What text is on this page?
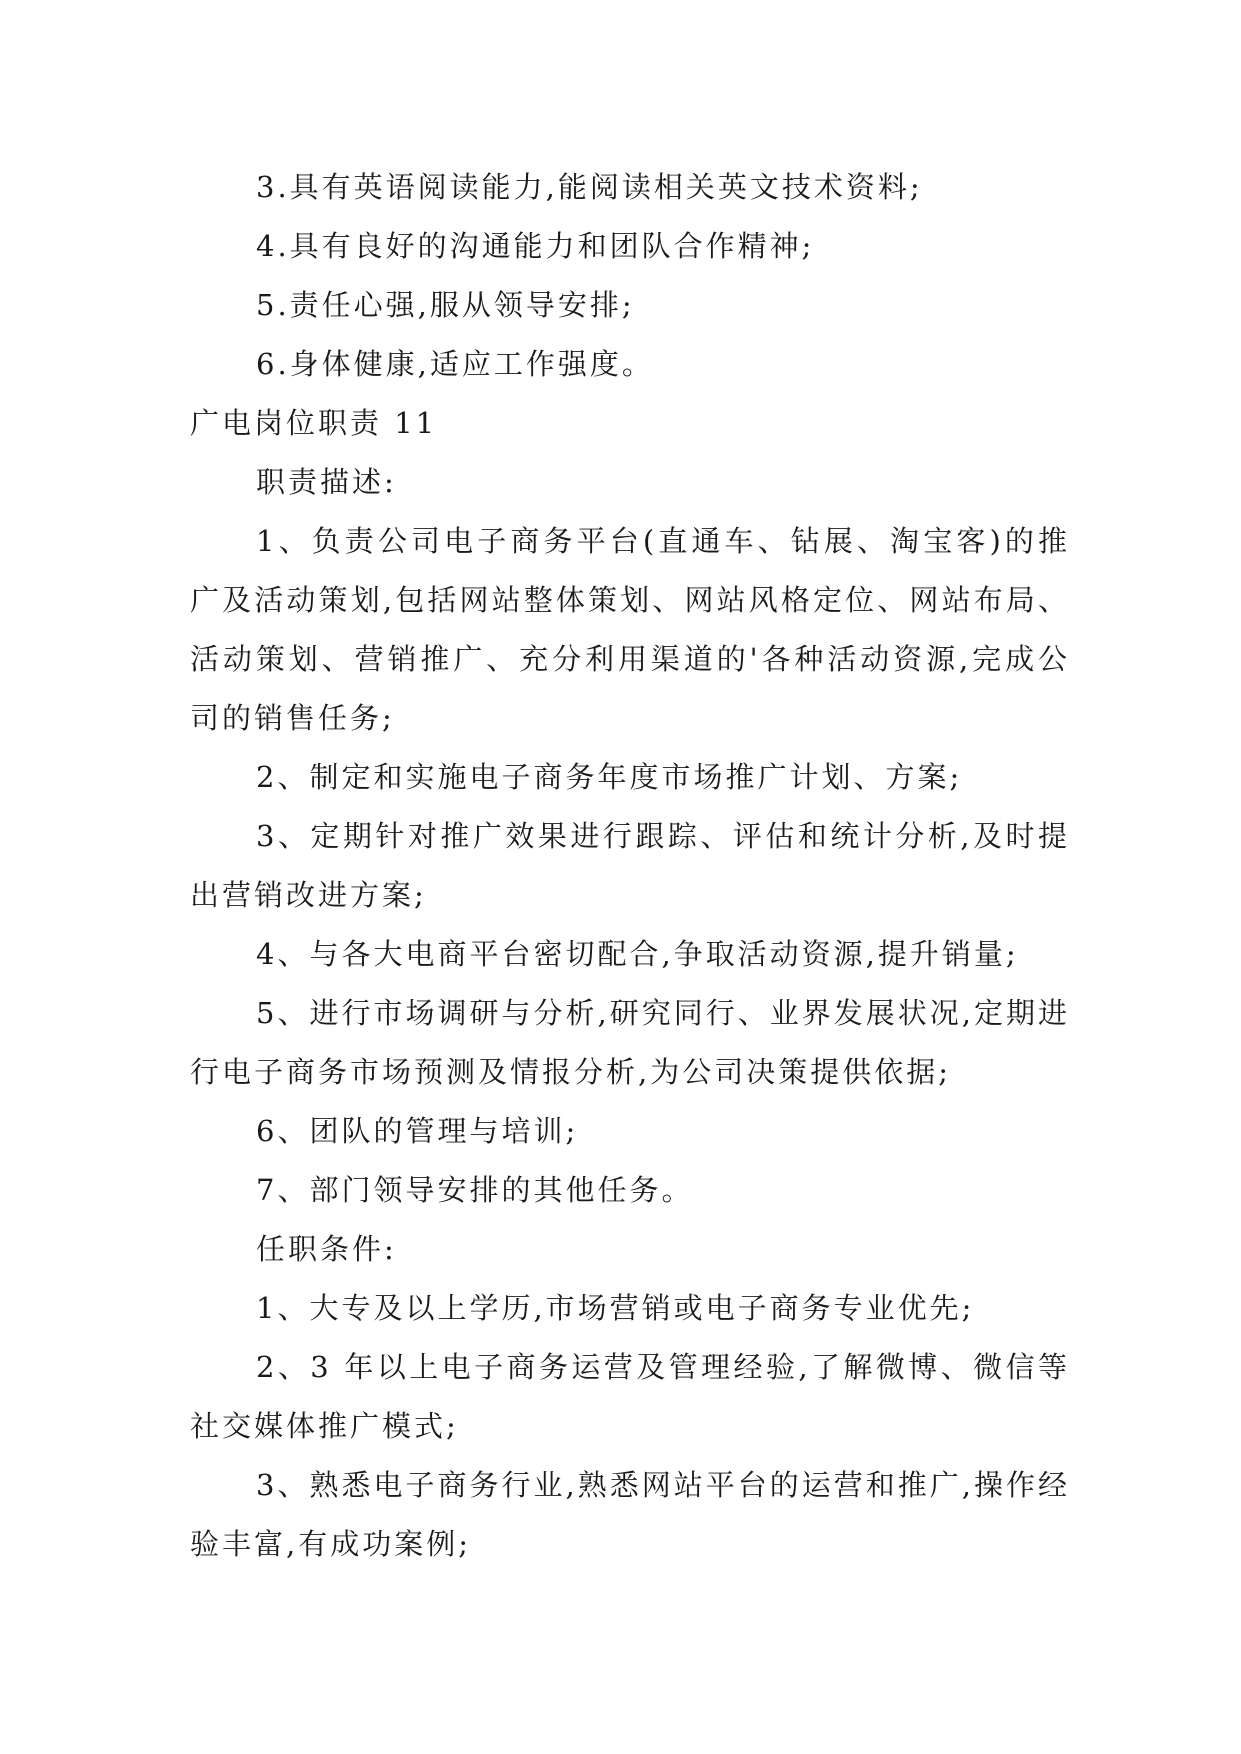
3.具有英语阅读能力,能阅读相关英文技术资料;

4.具有良好的沟通能力和团队合作精神;

5.责任心强,服从领导安排;

6.身体健康,适应工作强度。

广电岗位职责 11

职责描述:

1、负责公司电子商务平台(直通车、钻展、淘宝客)的推广及活动策划,包括网站整体策划、网站风格定位、网站布局、活动策划、营销推广、充分利用渠道的'各种活动资源,完成公司的销售任务;

2、制定和实施电子商务年度市场推广计划、方案;

3、定期针对推广效果进行跟踪、评估和统计分析,及时提出营销改进方案;

4、与各大电商平台密切配合,争取活动资源,提升销量;

5、进行市场调研与分析,研究同行、业界发展状况,定期进行电子商务市场预测及情报分析,为公司决策提供依据;

6、团队的管理与培训;

7、部门领导安排的其他任务。

任职条件:

1、大专及以上学历,市场营销或电子商务专业优先;

2、3 年以上电子商务运营及管理经验,了解微博、微信等社交媒体推广模式;

3、熟悉电子商务行业,熟悉网站平台的运营和推广,操作经验丰富,有成功案例;
